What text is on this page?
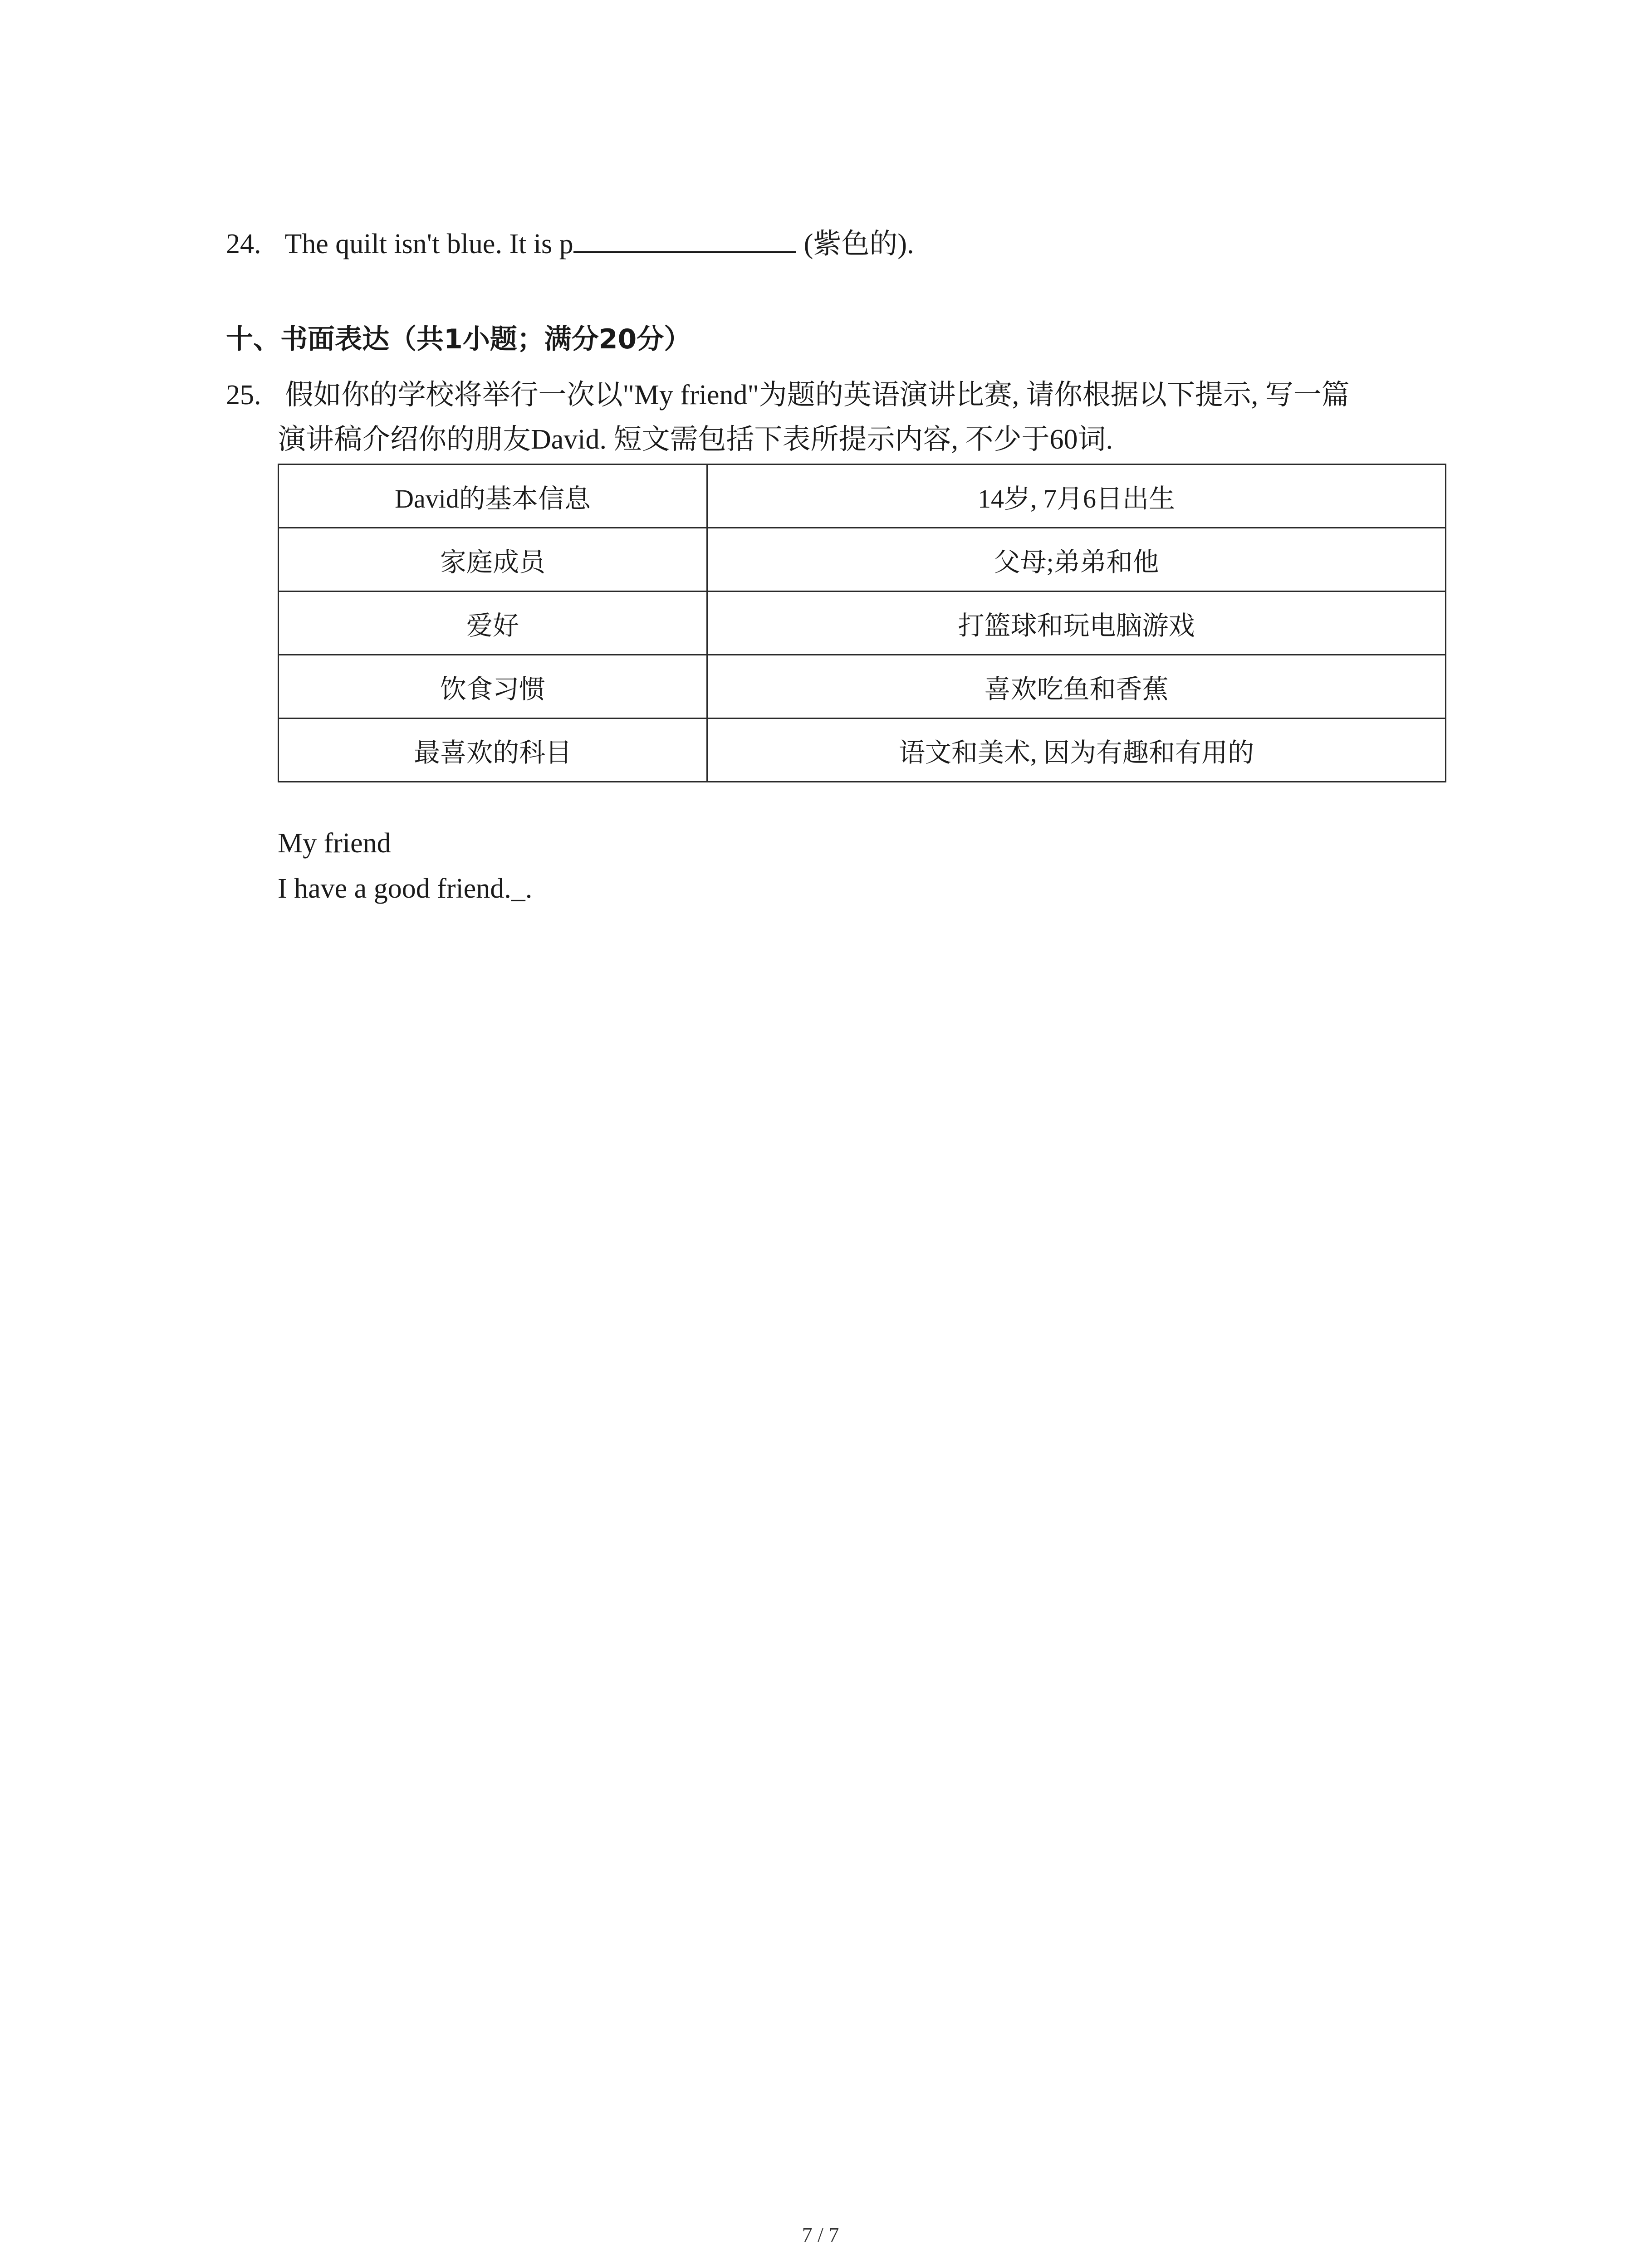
24. The quilt isn't blue. It is p	(紫色的).
十、书面表达（共1小题；满分20分）
25. 假如你的学校将举行一次以"My friend"为题的英语演讲比赛, 请你根据以下提示, 写一篇
演讲稿介绍你的朋友David. 短文需包括下表所提示内容, 不少于60词.
David的基本信息	14岁, 7月6日出生
家庭成员	父母;弟弟和他
爱好	打篮球和玩电脑游戏
饮食习惯	喜欢吃鱼和香蕉
最喜欢的科目	语文和美术, 因为有趣和有用的
My friend
I have a good friend._.
7 / 7
